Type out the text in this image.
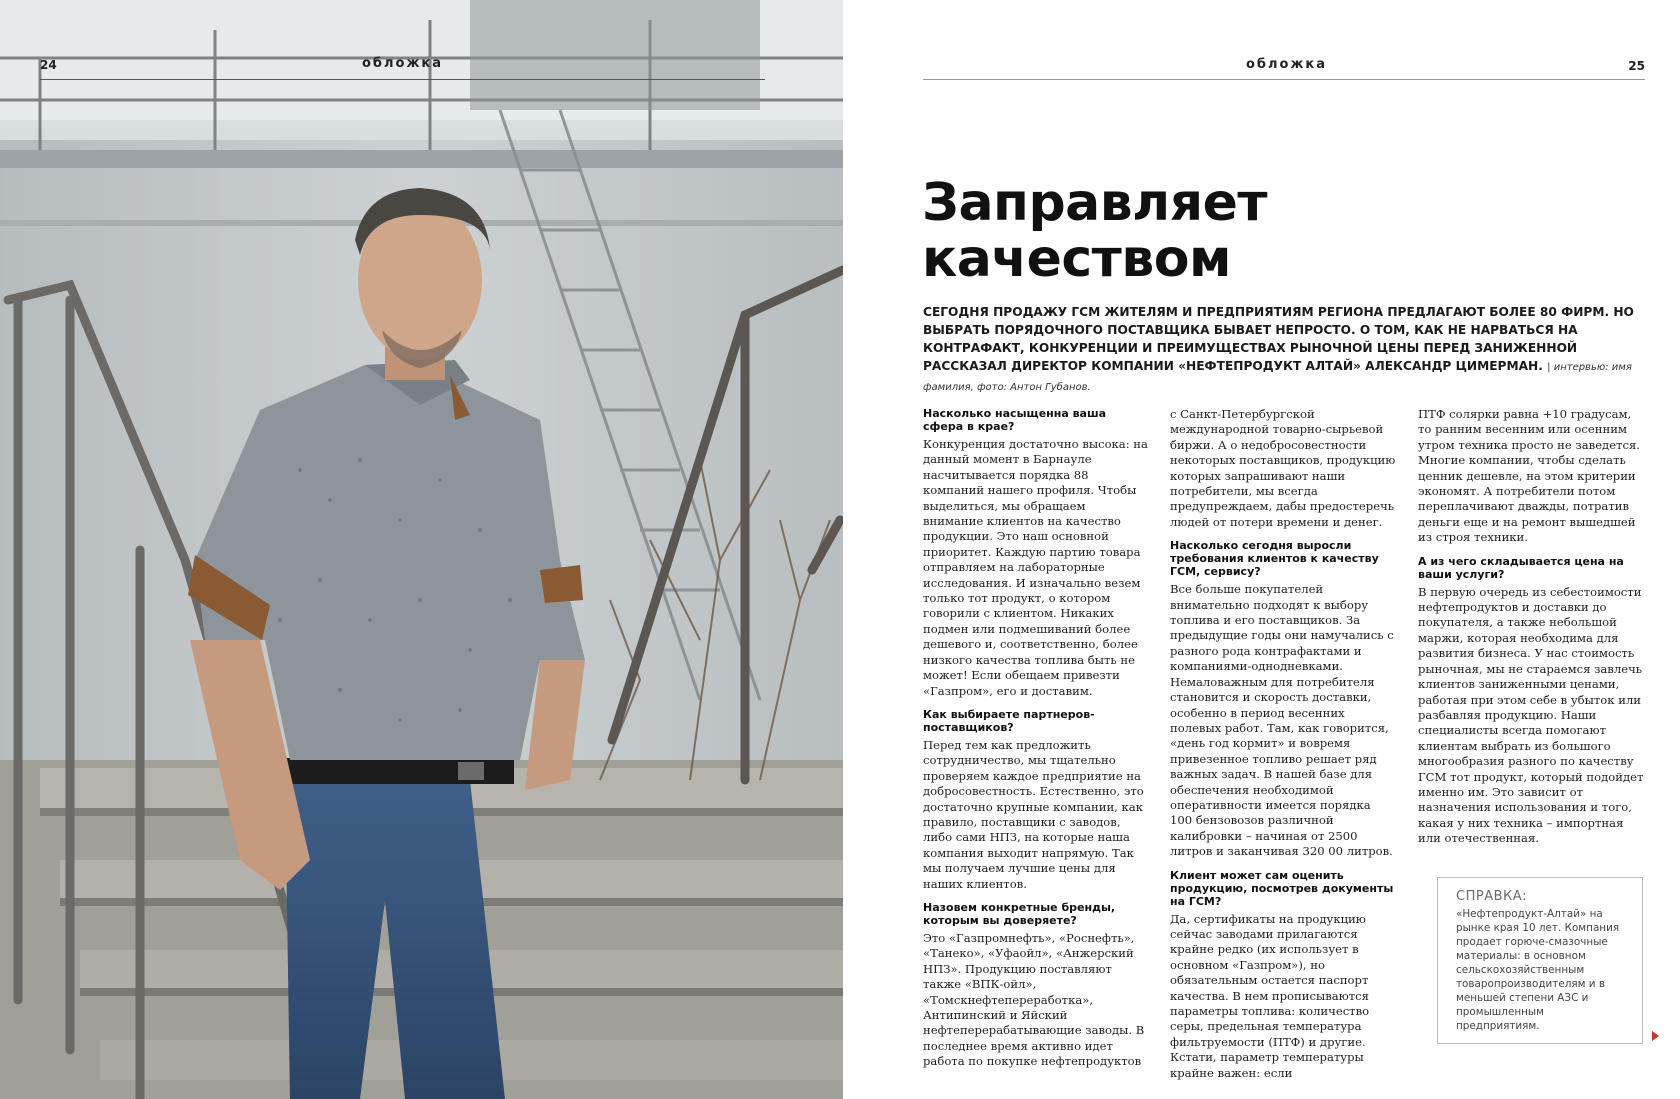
24	обложка	обложка	25
Заправляет
качеством
СЕГОДНЯ ПРОДАЖУ ГСМ ЖИТЕЛЯМ И ПРЕДПРИЯТИЯМ РЕГИОНА ПРЕДЛАГАЮТ БОЛЕЕ 80 ФИРМ. НО ВЫБРАТЬ ПОРЯДОЧНОГО ПОСТАВЩИКА БЫВАЕТ НЕПРОСТО. О ТОМ, КАК НЕ НАРВАТЬСЯ НА КОНТРАФАКТ, КОНКУРЕНЦИИ И ПРЕИМУЩЕСТВАХ РЫНОЧНОЙ ЦЕНЫ ПЕРЕД ЗАНИЖЕННОЙ РАССКАЗАЛ ДИРЕКТОР КОМПАНИИ «НЕФТЕПРОДУКТ АЛТАЙ» АЛЕКСАНДР ЦИМЕРМАН. | интервью: имя фамилия, фото: Антон Губанов.
Насколько насыщенна ваша сфера в крае?
Конкуренция достаточно высока: на данный момент в Барнауле насчитывается порядка 88 компаний нашего профиля. Чтобы выделиться, мы обращаем внимание клиентов на качество продукции. Это наш основной приоритет. Каждую партию товара отправляем на лабораторные исследования. И изначально везем только тот продукт, о котором говорили с клиентом. Никаких подмен или подмешиваний более дешевого и, соответственно, более низкого качества топлива быть не может! Если обещаем привезти «Газпром», его и доставим.
Как выбираете партнеров-поставщиков?
Перед тем как предложить сотрудничество, мы тщательно проверяем каждое предприятие на добросовестность. Естественно, это достаточно крупные компании, как правило, поставщики с заводов, либо сами НПЗ, на которые наша компания выходит напрямую. Так мы получаем лучшие цены для наших клиентов.
Назовем конкретные бренды, которым вы доверяете?
Это «Газпромнефть», «Роснефть», «Танеко», «Уфаойл», «Анжерский НПЗ». Продукцию поставляют также «ВПК-ойл», «Томскнефтепереработка», Антипинский и Яйский нефтеперерабатывающие заводы. В последнее время активно идет работа по покупке нефтепродуктов
с Санкт-Петербургской международной товарно-сырьевой биржи. А о недобросовестности некоторых поставщиков, продукцию которых запрашивают наши потребители, мы всегда предупреждаем, дабы предостеречь людей от потери времени и денег.
Насколько сегодня выросли требования клиентов к качеству ГСМ, сервису?
Все больше покупателей внимательно подходят к выбору топлива и его поставщиков. За предыдущие годы они намучались с разного рода контрафактами и компаниями-однодневками. Немаловажным для потребителя становится и скорость доставки, особенно в период весенних полевых работ. Там, как говорится, «день год кормит» и вовремя привезенное топливо решает ряд важных задач. В нашей базе для обеспечения необходимой оперативности имеется порядка 100 бензовозов различной калибровки – начиная от 2500 литров и заканчивая 320 00 литров.
Клиент может сам оценить продукцию, посмотрев документы на ГСМ?
Да, сертификаты на продукцию сейчас заводами прилагаются крайне редко (их использует в основном «Газпром»), но обязательным остается паспорт качества. В нем прописываются параметры топлива: количество серы, предельная температура фильтруемости (ПТФ) и другие. Кстати, параметр температуры крайне важен: если
ПТФ солярки равна +10 градусам, то ранним весенним или осенним утром техника просто не заведется. Многие компании, чтобы сделать ценник дешевле, на этом критерии экономят. А потребители потом переплачивают дважды, потратив деньги еще и на ремонт вышедшей из строя техники.
А из чего складывается цена на ваши услуги?
В первую очередь из себестоимости нефтепродуктов и доставки до покупателя, а также небольшой маржи, которая необходима для развития бизнеса. У нас стоимость рыночная, мы не стараемся завлечь клиентов заниженными ценами, работая при этом себе в убыток или разбавляя продукцию. Наши специалисты всегда помогают клиентам выбрать из большого многообразия разного по качеству ГСМ тот продукт, который подойдет именно им. Это зависит от назначения использования и того, какая у них техника – импортная или отечественная.
СПРАВКА:
«Нефтепродукт-Алтай» на рынке края 10 лет. Компания продает горюче-смазочные материалы: в основном сельскохозяйственным товаропроизводителям и в меньшей степени АЗС и промышленным предприятиям.
